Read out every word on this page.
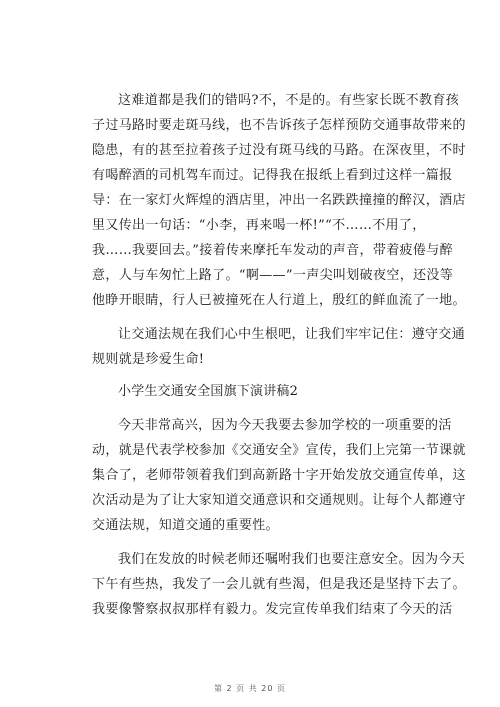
这难道都是我们的错吗?不，不是的。有些家长既不教育孩
子过马路时要走斑马线，也不告诉孩子怎样预防交通事故带来的
隐患，有的甚至拉着孩子过没有斑马线的马路。在深夜里，不时
有喝醉酒的司机驾车而过。记得我在报纸上看到过这样一篇报
导：在一家灯火辉煌的酒店里，冲出一名跌跌撞撞的醉汉，酒店
里又传出一句话：“小李，再来喝一杯!”“不……不用了，
我……我要回去。”接着传来摩托车发动的声音，带着疲倦与醉
意，人与车匆忙上路了。“啊——”一声尖叫划破夜空，还没等
他睁开眼睛，行人已被撞死在人行道上，殷红的鲜血流了一地。
让交通法规在我们心中生根吧，让我们牢牢记住：遵守交通
规则就是珍爱生命!
小学生交通安全国旗下演讲稿2
今天非常高兴，因为今天我要去参加学校的一项重要的活
动，就是代表学校参加《交通安全》宣传，我们上完第一节课就
集合了，老师带领着我们到高新路十字开始发放交通宣传单，这
次活动是为了让大家知道交通意识和交通规则。让每个人都遵守
交通法规，知道交通的重要性。
我们在发放的时候老师还嘱咐我们也要注意安全。因为今天
下午有些热，我发了一会儿就有些渴，但是我还是坚持下去了。
我要像警察叔叔那样有毅力。发完宣传单我们结束了今天的活
第 2 页 共 20 页
